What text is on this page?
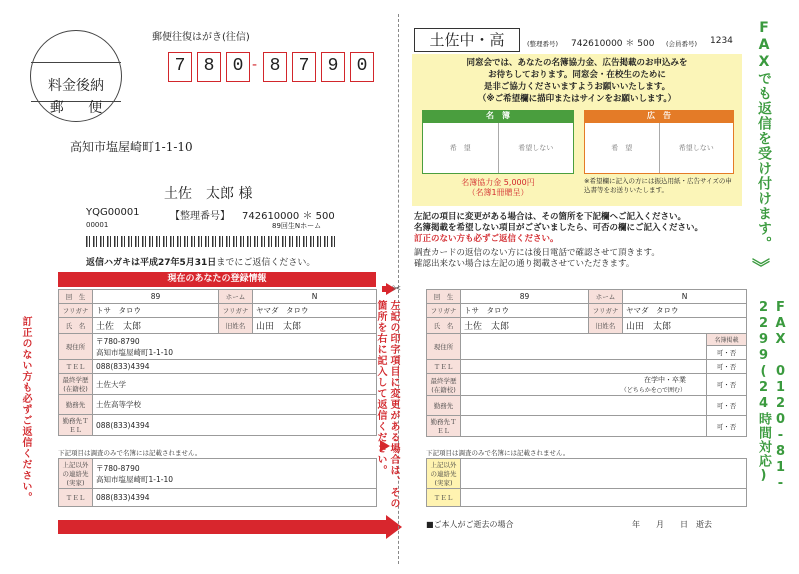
郵便往復はがき(往信)
料金後納
郵 便
7	8	0 - 8	7	9	0
高知市塩屋崎町1-1-10
土佐　太郎 様
YQG00001
00001
【整理番号】 742610000 ＊ 500
89回生Nホーム
返信ハガキは平成27年5月31日までにご返信ください。
現在のあなたの登録情報
訂正のない方も必ずご返信ください。
回　生	89	ホーム	N
フリガナ	トサ　タロウ	フリガナ	ヤマダ　タロウ
氏　名	土佐　太郎	旧姓名	山田　太郎
現住所	〒780-8790
高知市塩屋崎町1-1-10		

ＴＥＬ	088(833)4394		
最終学歴(在籍校)	土佐大学		
勤務先	土佐高等学校		
勤務先ＴＥＬ	088(833)4394		
下記項目は調査のみで名簿には記載されません。
上記以外の連絡先(実家)	〒780-8790
高知市塩屋崎町1-1-10

ＴＥＬ	088(833)4394
✂
左記の印字項目に変更がある場合は、その箇所を右に記入して返信ください。
土佐中・高	(整理番号) 742610000 ＊ 500 (会員番号) 1234
同窓会では、あなたの名簿協力金、広告掲載のお申込みを
お待ちしております。同窓会・在校生のために
是非ご協力くださいますようお願いいたします。
（※ご希望欄に描印またはサインをお願いします。）
名　簿
希　望	希望しない
名簿協力金 5,000円
（名簿1冊贈呈）
広　告
希　望	希望しない
※希望欄に記入の方には振込用紙・広告サイズの申込書等をお送りいたします。
左記の項目に変更がある場合は、その箇所を下記欄へご記入ください。
名簿掲載を希望しない項目がございましたら、可否の欄にご記入ください。
訂正のない方も必ずご返信ください。
調査カードの返信のない方には後日電話で確認させて頂きます。
確認出来ない場合は左記の通り掲載させていただきます。
回　生	89	ホーム	N	
フリガナ	トサ　タロウ	フリガナ	ヤマダ　タロウ	
氏　名	土佐　太郎	旧姓名	山田　太郎	
現住所				名簿掲載
				可・否
ＴＥＬ				可・否
最終学歴(在籍校)	在学中・卒業
（どちらかを○で囲む）			可・否
勤務先				可・否
勤務先ＴＥＬ				可・否
下記項目は調査のみで名簿には記載されません。
上記以外の連絡先(実家)	
ＴＥＬ	
■ご本人がご逝去の場合	年　　月　　日　逝去
FAXでも返信を受け付けます。
︾
FAX 0120-81-2299(24時間対応)
